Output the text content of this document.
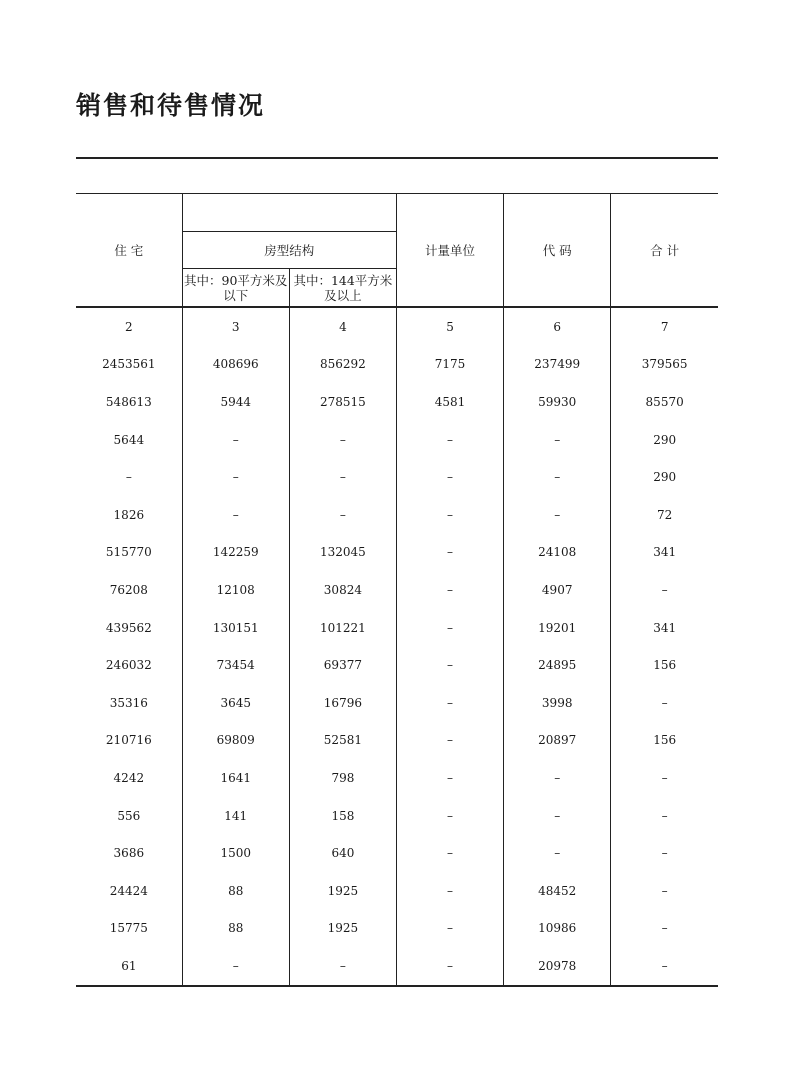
销售和待售情况
住 宅			计量单位	代 码	合 计
	房型结构				
	其中：90平方米及以下	其中：144平方米及以上			
2	3	4	5	6	7
2453561	408696	856292	7175	237499	379565
548613	5944	278515	4581	59930	85570
5644	–	–	–	–	290
–	–	–	–	–	290
1826	–	–	–	–	72
515770	142259	132045	–	24108	341
76208	12108	30824	–	4907	–
439562	130151	101221	–	19201	341
246032	73454	69377	–	24895	156
35316	3645	16796	–	3998	–
210716	69809	52581	–	20897	156
4242	1641	798	–	–	–
556	141	158	–	–	–
3686	1500	640	–	–	–
24424	88	1925	–	48452	–
15775	88	1925	–	10986	–
61	–	–	–	20978	–
